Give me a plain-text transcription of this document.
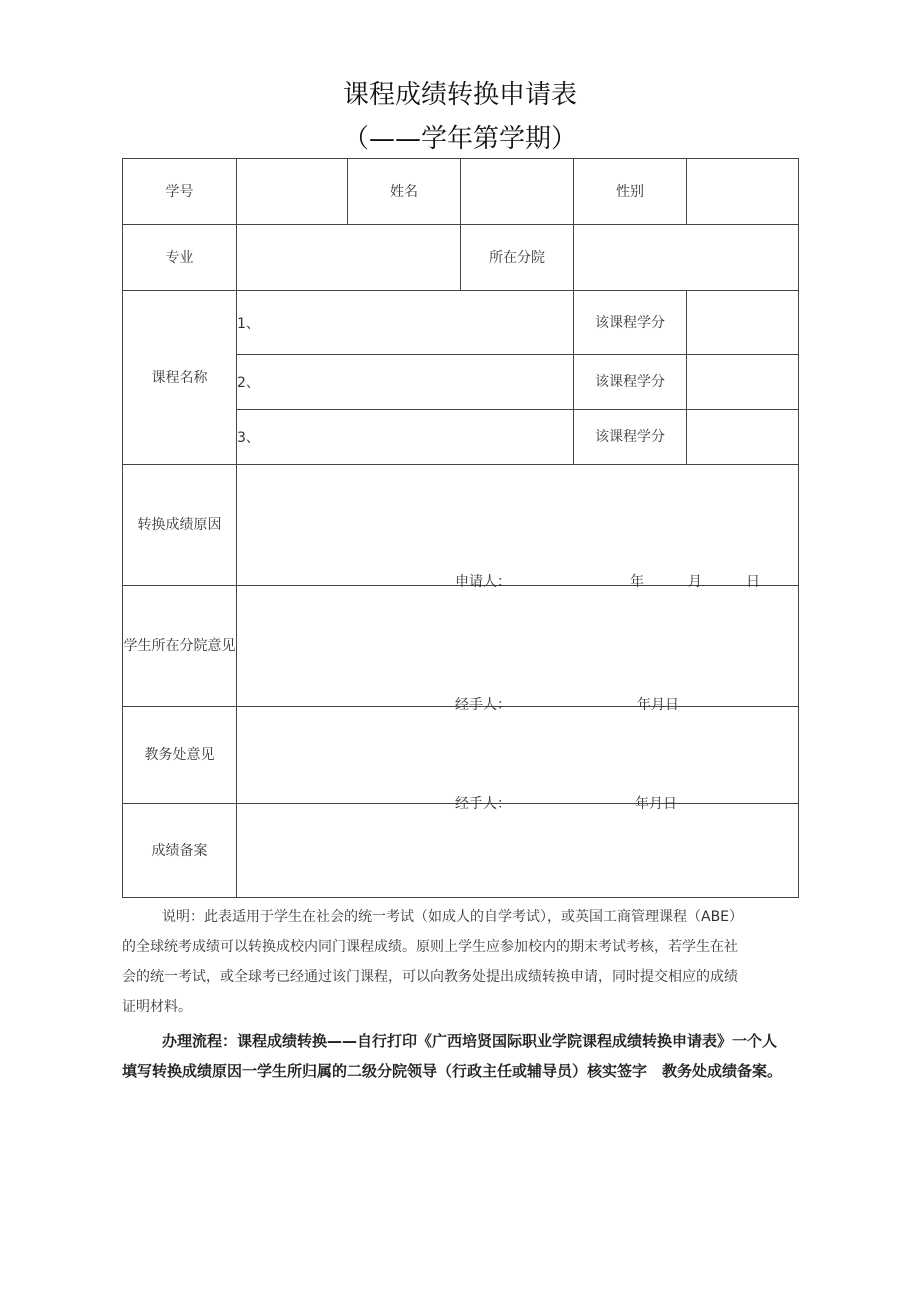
课程成绩转换申请表
（——学年第学期）
学号		姓名		性别	
专业			所在分院		
课程名称	1、			该课程学分	
	2、			该课程学分	
	3、			该课程学分	
转换成绩原因	申请人： 年 月 日				

学生所在分院意见	经手人： 年月日				

教务处意见	经手人： 年月日				

成绩备案					
说明：此表适用于学生在社会的统一考试（如成人的自学考试），或英国工商管理课程（ABE）
的全球统考成绩可以转换成校内同门课程成绩。原则上学生应参加校内的期末考试考核，若学生在社
会的统一考试，或全球考已经通过该门课程，可以向教务处提出成绩转换申请，同时提交相应的成绩
证明材料。
办理流程：课程成绩转换——自行打印《广西培贤国际职业学院课程成绩转换申请表》一个人
填写转换成绩原因一学生所归属的二级分院领导（行政主任或辅导员）核实签字　教务处成绩备案。
